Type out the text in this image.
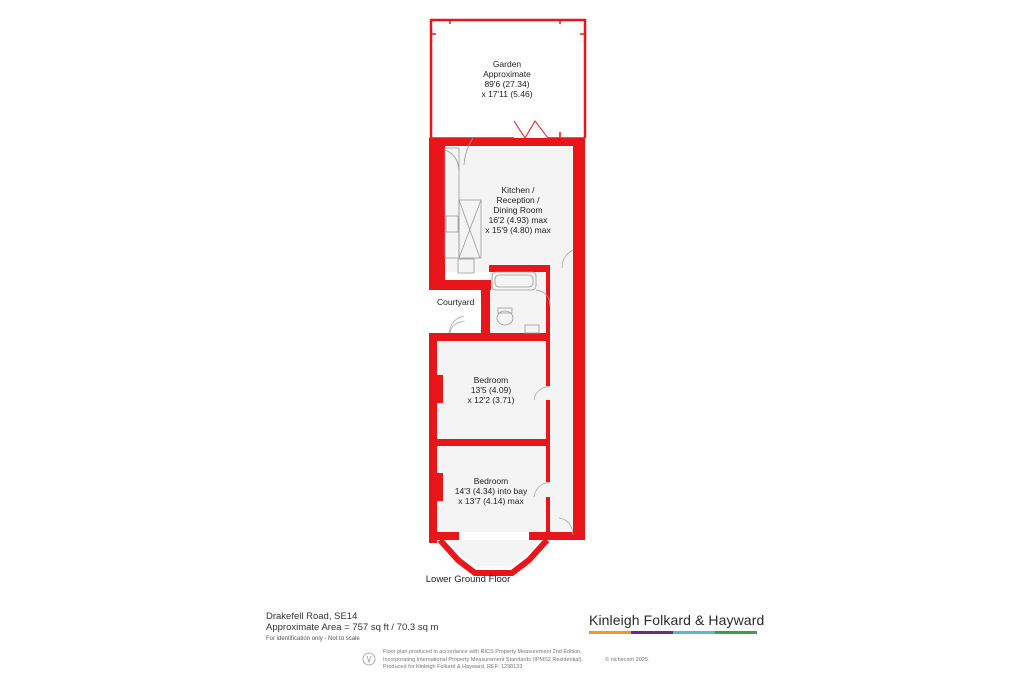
Garden
Approximate
89'6 (27.34)
x 17'11 (5.46)
Kitchen /
Reception /
Dining Room
16'2 (4.93) max
x 15'9 (4.80) max
Courtyard
Bedroom
13'5 (4.09)
x 12'2 (3.71)
Bedroom
14'3 (4.34) into bay
x 13'7 (4.14) max
Lower Ground Floor
Drakefell Road, SE14
Approximate Area = 757 sq ft / 70.3 sq m
For identification only - Not to scale
Kinleigh Folkard & Hayward
Floor plan produced in accordance with RICS Property Measurement 2nd Edition,
Incorporating International Property Measurement Standards (IPMS2 Residential).
Produced for Kinleigh Folkard & Hayward. REF: 1298133
© nichecom 2025.
